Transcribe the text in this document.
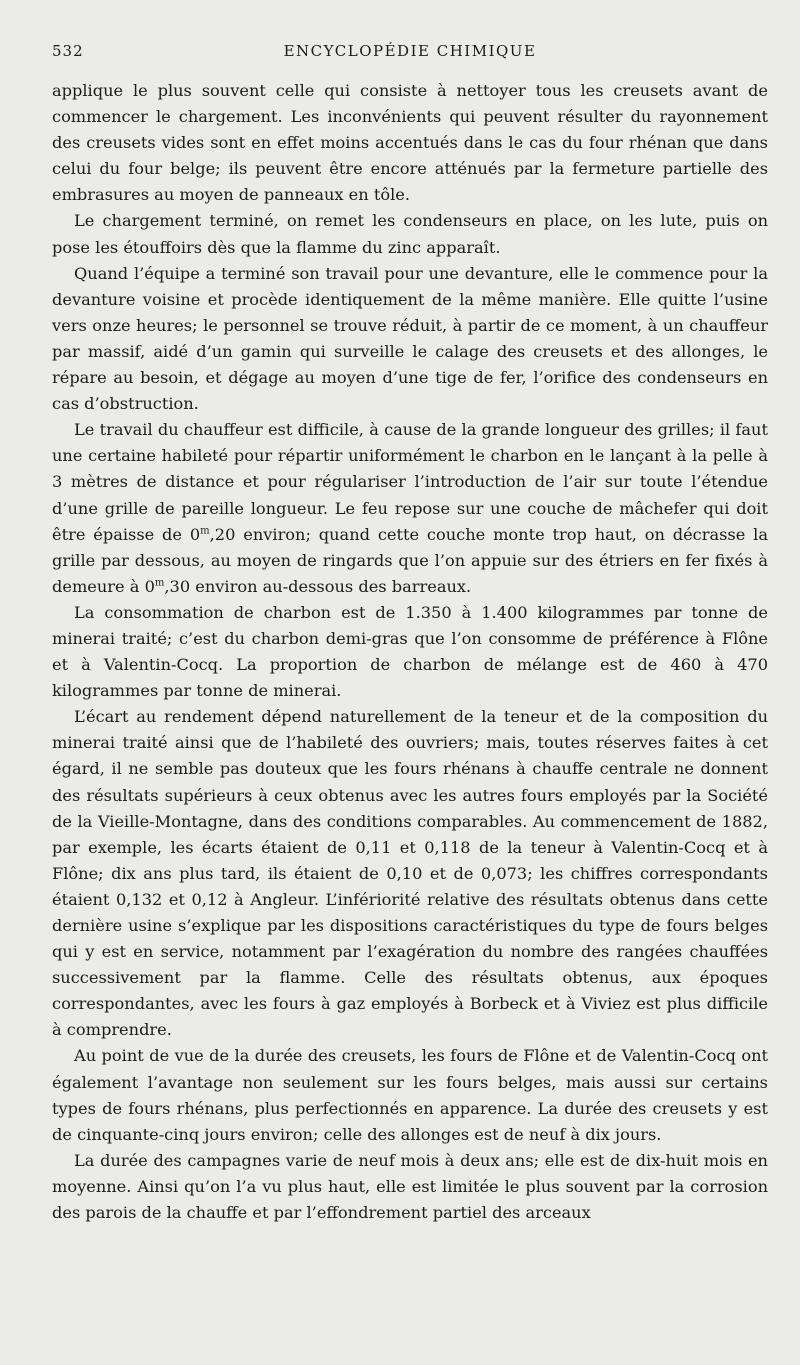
532	ENCYCLOPÉDIE CHIMIQUE

applique le plus souvent celle qui consiste à nettoyer tous les creusets avant de commencer le chargement. Les inconvénients qui peuvent résulter du rayonnement des creusets vides sont en effet moins accentués dans le cas du four rhénan que dans celui du four belge; ils peuvent être encore atténués par la fermeture partielle des embrasures au moyen de panneaux en tôle.

Le chargement terminé, on remet les condenseurs en place, on les lute, puis on pose les étouffoirs dès que la flamme du zinc apparaît.

Quand l’équipe a terminé son travail pour une devanture, elle le commence pour la devanture voisine et procède identiquement de la même manière. Elle quitte l’usine vers onze heures; le personnel se trouve réduit, à partir de ce moment, à un chauffeur par massif, aidé d’un gamin qui surveille le calage des creusets et des allonges, le répare au besoin, et dégage au moyen d’une tige de fer, l’orifice des condenseurs en cas d’obstruction.

Le travail du chauffeur est difficile, à cause de la grande longueur des grilles; il faut une certaine habileté pour répartir uniformément le charbon en le lançant à la pelle à 3 mètres de distance et pour régulariser l’introduction de l’air sur toute l’étendue d’une grille de pareille longueur. Le feu repose sur une couche de mâchefer qui doit être épaisse de 0$^m$,20 environ; quand cette couche monte trop haut, on décrasse la grille par dessous, au moyen de ringards que l’on appuie sur des étriers en fer fixés à demeure à 0$^m$,30 environ au-dessous des barreaux.

La consommation de charbon est de 1.350 à 1.400 kilogrammes par tonne de minerai traité; c’est du charbon demi-gras que l’on consomme de préférence à Flône et à Valentin-Cocq. La proportion de charbon de mélange est de 460 à 470 kilogrammes par tonne de minerai.

L’écart au rendement dépend naturellement de la teneur et de la composition du minerai traité ainsi que de l’habileté des ouvriers; mais, toutes réserves faites à cet égard, il ne semble pas douteux que les fours rhénans à chauffe centrale ne donnent des résultats supérieurs à ceux obtenus avec les autres fours employés par la Société de la Vieille-Montagne, dans des conditions comparables. Au commencement de 1882, par exemple, les écarts étaient de 0,11 et 0,118 de la teneur à Valentin-Cocq et à Flône; dix ans plus tard, ils étaient de 0,10 et de 0,073; les chiffres correspondants étaient 0,132 et 0,12 à Angleur. L’infériorité relative des résultats obtenus dans cette dernière usine s’explique par les dispositions caractéristiques du type de fours belges qui y est en service, notamment par l’exagération du nombre des rangées chauffées successivement par la flamme. Celle des résultats obtenus, aux époques correspondantes, avec les fours à gaz employés à Borbeck et à Viviez est plus difficile à comprendre.

Au point de vue de la durée des creusets, les fours de Flône et de Valentin-Cocq ont également l’avantage non seulement sur les fours belges, mais aussi sur certains types de fours rhénans, plus perfectionnés en apparence. La durée des creusets y est de cinquante-cinq jours environ; celle des allonges est de neuf à dix jours.

La durée des campagnes varie de neuf mois à deux ans; elle est de dix-huit mois en moyenne. Ainsi qu’on l’a vu plus haut, elle est limitée le plus souvent par la corrosion des parois de la chauffe et par l’effondrement partiel des arceaux
